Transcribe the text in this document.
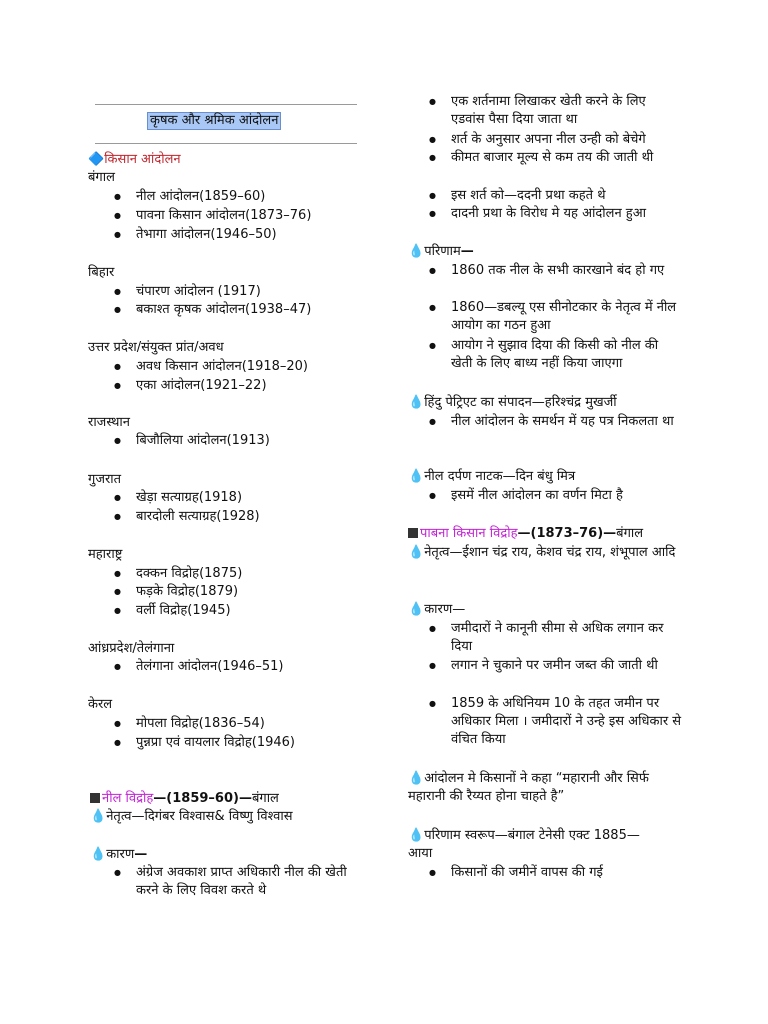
कृषक और श्रमिक आंदोलन
🔷किसान आंदोलन
बंगाल
● नील आंदोलन(1859–60)
● पावना किसान आंदोलन(1873–76)
● तेभागा आंदोलन(1946–50)
बिहार
● चंपारण आंदोलन (1917)
● बकाश्त कृषक आंदोलन(1938–47)
उत्तर प्रदेश/संयुक्त प्रांत/अवध
● अवध किसान आंदोलन(1918–20)
● एका आंदोलन(1921–22)
राजस्थान
● बिजौलिया आंदोलन(1913)
गुजरात
● खेड़ा सत्याग्रह(1918)
● बारदोली सत्याग्रह(1928)
महाराष्ट्र
● दक्कन विद्रोह(1875)
● फड़के विद्रोह(1879)
● वर्ली विद्रोह(1945)
आंध्रप्रदेश/तेलंगाना
● तेलंगाना आंदोलन(1946–51)
केरल
● मोपला विद्रोह(1836–54)
● पुन्नप्रा एवं वायलार विद्रोह(1946)
नील विद्रोह—(1859–60)—बंगाल
💧नेतृत्व—दिगंबर विश्वास& विष्णु विश्वास
💧कारण—
● अंग्रेज अवकाश प्राप्त अधिकारी नील की खेती करने के लिए विवश करते थे
● एक शर्तनामा लिखाकर खेती करने के लिए एडवांस पैसा दिया जाता था
● शर्त के अनुसार अपना नील उन्ही को बेचेगे
● कीमत बाजार मूल्य से कम तय की जाती थी
● इस शर्त को—ददनी प्रथा कहते थे
● दादनी प्रथा के विरोध मे यह आंदोलन हुआ
💧परिणाम—
● 1860 तक नील के सभी कारखाने बंद हो गए
● 1860—डबल्यू एस सीनोटकार के नेतृत्व में नील आयोग का गठन हुआ
● आयोग ने सुझाव दिया की किसी को नील की खेती के लिए बाध्य नहीं किया जाएगा
💧हिंदु पेट्रिएट का संपादन—हरिश्चंद्र मुखर्जी
● नील आंदोलन के समर्थन में यह पत्र निकलता था
💧नील दर्पण नाटक—दिन बंधु मित्र
● इसमें नील आंदोलन का वर्णन मिटा है
पाबना किसान विद्रोह—(1873–76)—बंगाल
💧नेतृत्व—ईशान चंद्र राय, केशव चंद्र राय, शंभूपाल आदि
💧कारण—
● जमीदारों ने कानूनी सीमा से अधिक लगान कर दिया
● लगान ने चुकाने पर जमीन जब्त की जाती थी
● 1859 के अधिनियम 10 के तहत जमीन पर अधिकार मिला । जमीदारों ने उन्हे इस अधिकार से वंचित किया
💧आंदोलन मे किसानों ने कहा “महारानी और सिर्फ महारानी की रैय्यत होना चाहते है”
💧परिणाम स्वरूप—बंगाल टेनेसी एक्ट 1885—आया
● किसानों की जमीनें वापस की गई
